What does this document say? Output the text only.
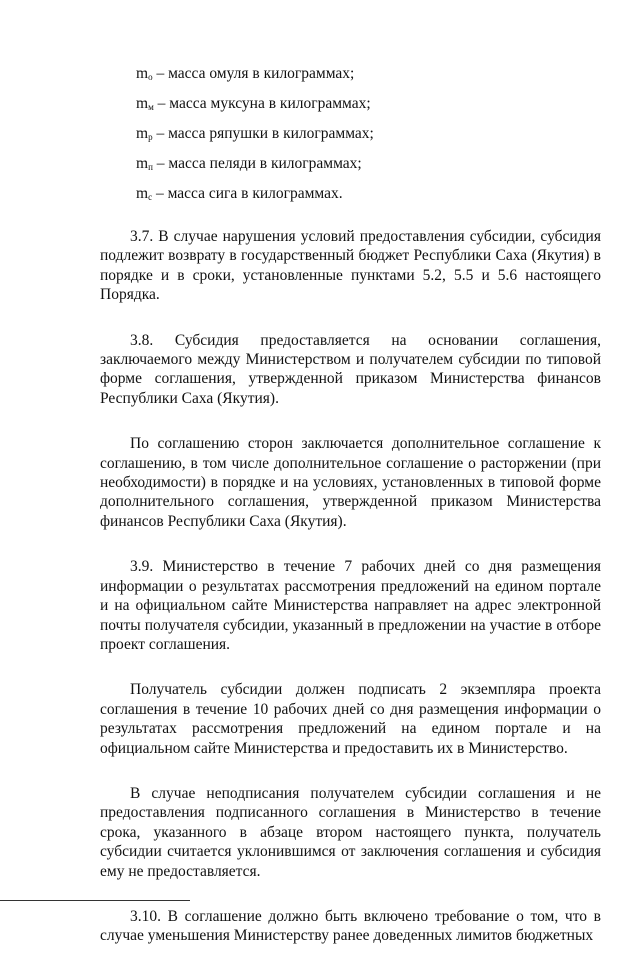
$m_о$ – масса омуля в килограммах;
$m_м$ – масса муксуна в килограммах;
$m_р$ – масса ряпушки в килограммах;
$m_п$ – масса пеляди в килограммах;
$m_с$ – масса сига в килограммах.

3.7. В случае нарушения условий предоставления субсидии, субсидия подлежит возврату в государственный бюджет Республики Саха (Якутия) в порядке и в сроки, установленные пунктами 5.2, 5.5 и 5.6 настоящего Порядка.

3.8. Субсидия предоставляется на основании соглашения, заключаемого между Министерством и получателем субсидии по типовой форме соглашения, утвержденной приказом Министерства финансов Республики Саха (Якутия).

По соглашению сторон заключается дополнительное соглашение к соглашению, в том числе дополнительное соглашение о расторжении (при необходимости) в порядке и на условиях, установленных в типовой форме дополнительного соглашения, утвержденной приказом Министерства финансов Республики Саха (Якутия).

3.9. Министерство в течение 7 рабочих дней со дня размещения информации о результатах рассмотрения предложений на едином портале и на официальном сайте Министерства направляет на адрес электронной почты получателя субсидии, указанный в предложении на участие в отборе проект соглашения.

Получатель субсидии должен подписать 2 экземпляра проекта соглашения в течение 10 рабочих дней со дня размещения информации о результатах рассмотрения предложений на едином портале и на официальном сайте Министерства и предоставить их в Министерство.

В случае неподписания получателем субсидии соглашения и не предоставления подписанного соглашения в Министерство в течение срока, указанного в абзаце втором настоящего пункта, получатель субсидии считается уклонившимся от заключения соглашения и субсидия ему не предоставляется.

3.10. В соглашение должно быть включено требование о том, что в случае уменьшения Министерству ранее доведенных лимитов бюджетных
